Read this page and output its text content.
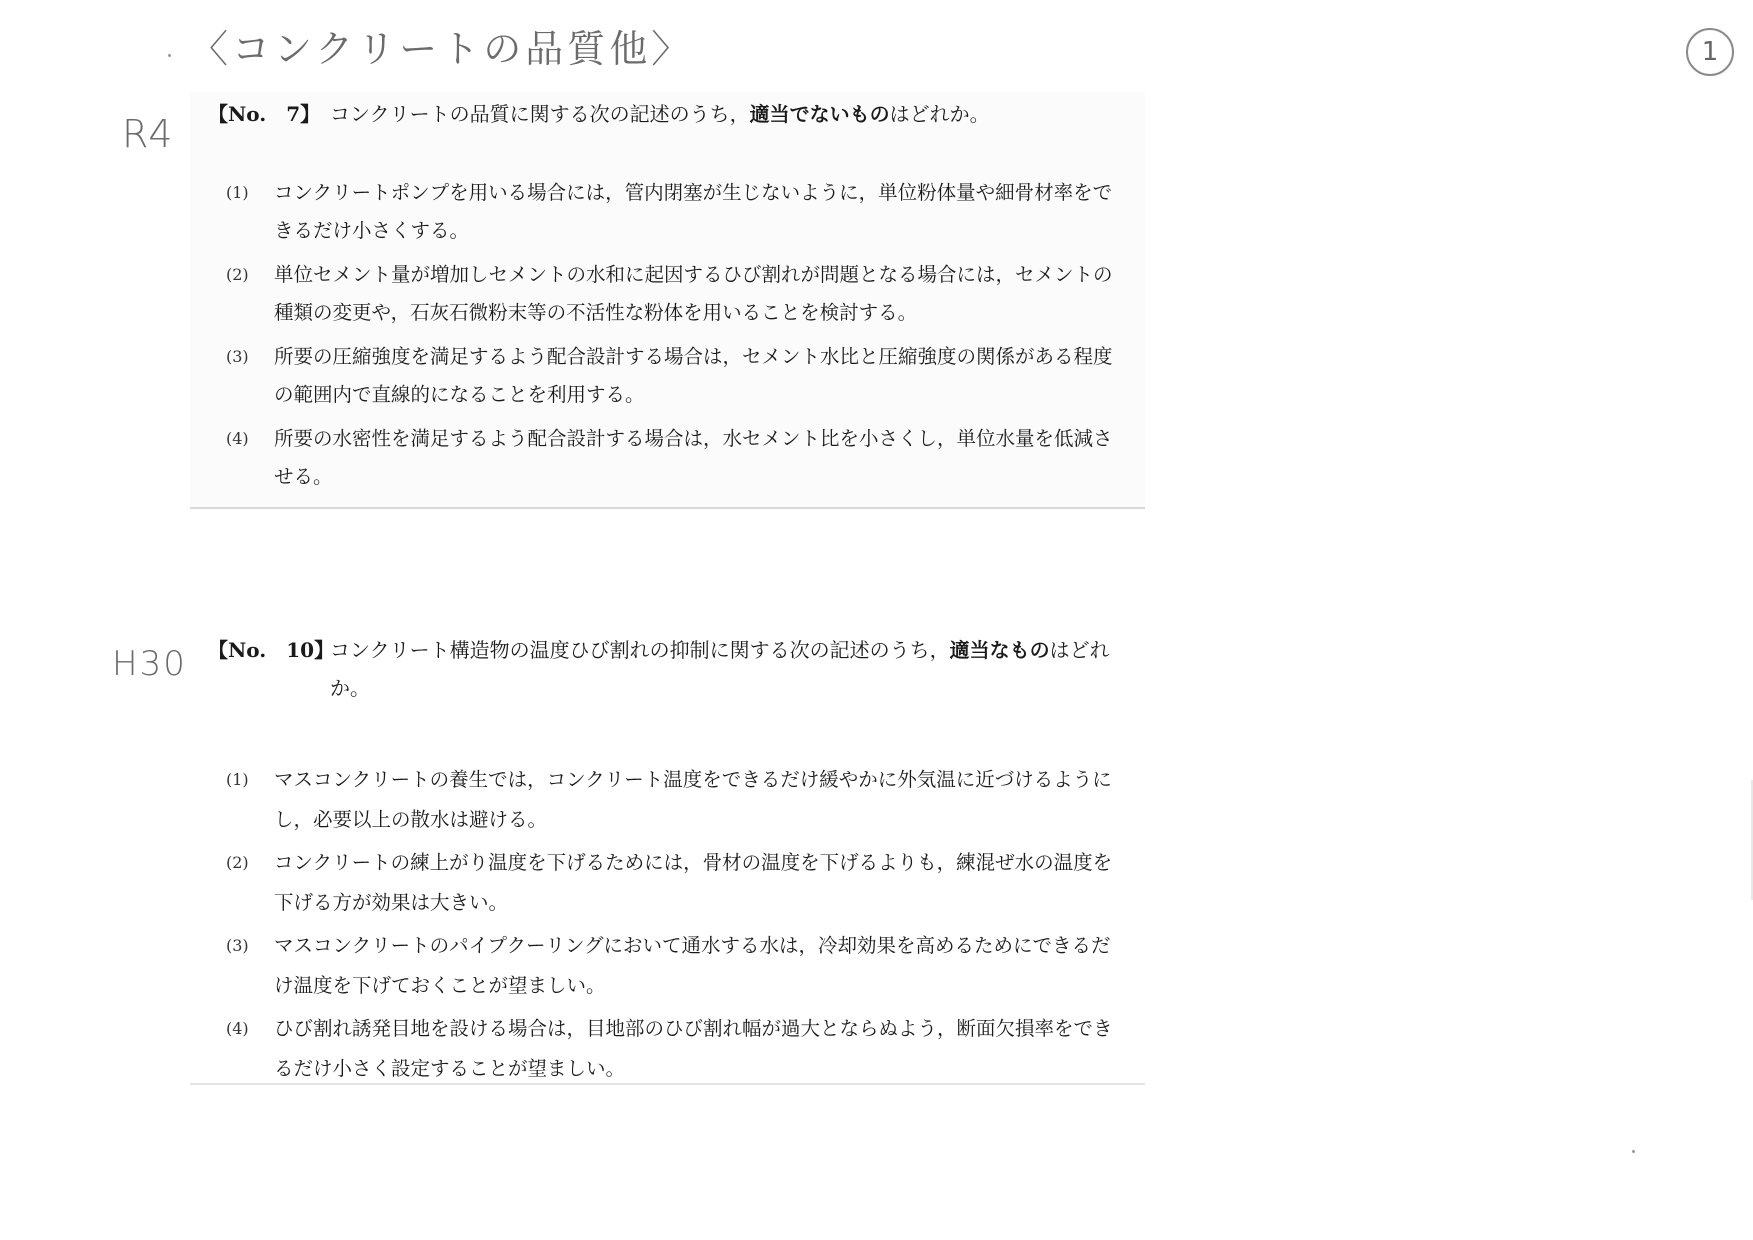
〈コンクリートの品質他〉	1
R4
H30
【No.　7】 コンクリートの品質に関する次の記述のうち，適当でないものはどれか。
(1) コンクリートポンプを用いる場合には，管内閉塞が生じないように，単位粉体量や細骨材率をできるだけ小さくする。
(2) 単位セメント量が増加しセメントの水和に起因するひび割れが問題となる場合には，セメントの種類の変更や，石灰石微粉末等の不活性な粉体を用いることを検討する。
(3) 所要の圧縮強度を満足するよう配合設計する場合は，セメント水比と圧縮強度の関係がある程度の範囲内で直線的になることを利用する。
(4) 所要の水密性を満足するよう配合設計する場合は，水セメント比を小さくし，単位水量を低減させる。
【No.　10】
コンクリート構造物の温度ひび割れの抑制に関する次の記述のうち，適当なものはどれか。
(1) マスコンクリートの養生では，コンクリート温度をできるだけ緩やかに外気温に近づけるようにし，必要以上の散水は避ける。
(2) コンクリートの練上がり温度を下げるためには，骨材の温度を下げるよりも，練混ぜ水の温度を下げる方が効果は大きい。
(3) マスコンクリートのパイプクーリングにおいて通水する水は，冷却効果を高めるためにできるだけ温度を下げておくことが望ましい。
(4) ひび割れ誘発目地を設ける場合は，目地部のひび割れ幅が過大とならぬよう，断面欠損率をできるだけ小さく設定することが望ましい。
